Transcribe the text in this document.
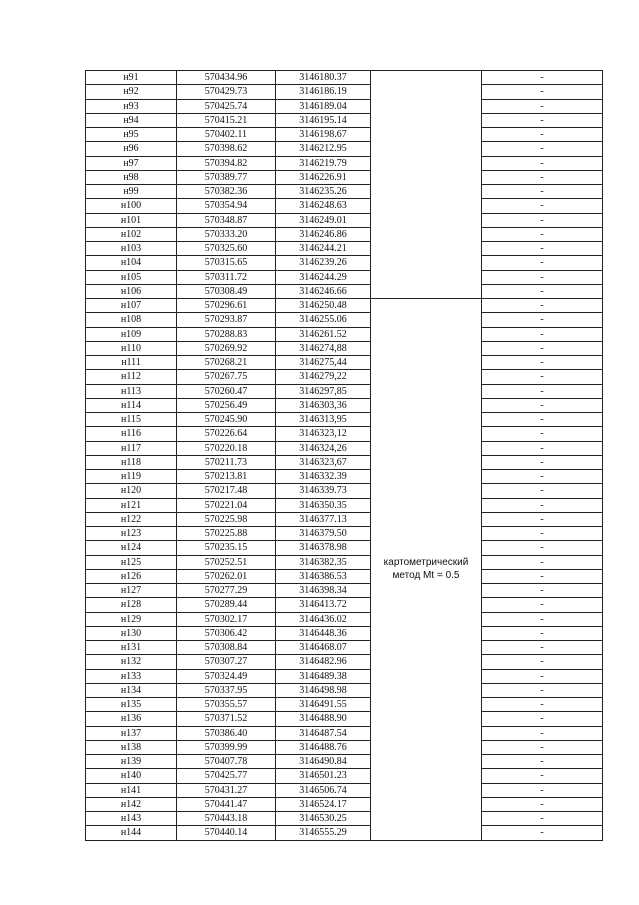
н91	570434.96	3146180.37		-
н92	570429.73	3146186.19		-
н93	570425.74	3146189.04		-
н94	570415.21	3146195.14		-
н95	570402.11	3146198.67		-
н96	570398.62	3146212.95		-
н97	570394.82	3146219.79		-
н98	570389.77	3146226.91		-
н99	570382.36	3146235.26		-
н100	570354.94	3146248.63		-
н101	570348.87	3146249.01		-
н102	570333.20	3146246.86		-
н103	570325.60	3146244.21		-
н104	570315.65	3146239.26		-
н105	570311.72	3146244.29		-
н106	570308.49	3146246.66		-
н107	570296.61	3146250.48	картометрический метод Mt = 0.5	-
н108	570293.87	3146255.06		-
н109	570288.83	3146261.52		-
н110	570269.92	3146274,88		-
н111	570268.21	3146275,44		-
н112	570267.75	3146279,22		-
н113	570260.47	3146297,85		-
н114	570256.49	3146303,36		-
н115	570245.90	3146313,95		-
н116	570226.64	3146323,12		-
н117	570220.18	3146324,26		-
н118	570211.73	3146323,67		-
н119	570213.81	3146332.39		-
н120	570217.48	3146339.73		-
н121	570221.04	3146350.35		-
н122	570225.98	3146377.13		-
н123	570225.88	3146379.50		-
н124	570235.15	3146378.98		-
н125	570252.51	3146382.35		-
н126	570262.01	3146386.53		-
н127	570277.29	3146398.34		-
н128	570289.44	3146413.72		-
н129	570302.17	3146436.02		-
н130	570306.42	3146448.36		-
н131	570308.84	3146468.07		-
н132	570307.27	3146482.96		-
н133	570324.49	3146489.38		-
н134	570337.95	3146498.98		-
н135	570355.57	3146491.55		-
н136	570371.52	3146488.90		-
н137	570386.40	3146487.54		-
н138	570399.99	3146488.76		-
н139	570407.78	3146490.84		-
н140	570425.77	3146501.23		-
н141	570431.27	3146506.74		-
н142	570441.47	3146524.17		-
н143	570443.18	3146530.25		-
н144	570440.14	3146555.29		-
